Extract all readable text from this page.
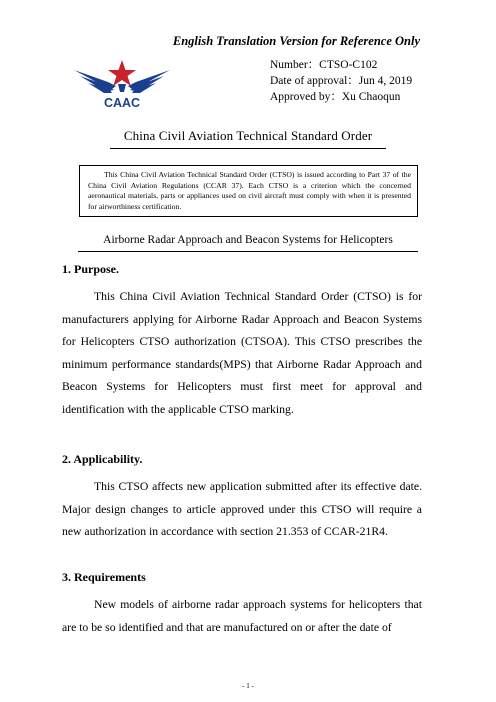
English Translation Version for Reference Only
CAAC
Number：CTSO-C102
Date of approval：Jun 4, 2019
Approved by：Xu Chaoqun
China Civil Aviation Technical Standard Order
This China Civil Aviation Technical Standard Order (CTSO) is issued according to Part 37 of the China Civil Aviation Regulations (CCAR 37). Each CTSO is a criterion which the concerned aeronautical materials, parts or appliances used on civil aircraft must comply with when it is presented for airworthiness certification.
Airborne Radar Approach and Beacon Systems for Helicopters
1. Purpose.
This China Civil Aviation Technical Standard Order (CTSO) is for manufacturers applying for Airborne Radar Approach and Beacon Systems for Helicopters CTSO authorization (CTSOA). This CTSO prescribes the minimum performance standards(MPS) that Airborne Radar Approach and Beacon Systems for Helicopters must first meet for approval and identification with the applicable CTSO marking.
2. Applicability.
This CTSO affects new application submitted after its effective date. Major design changes to article approved under this CTSO will require a new authorization in accordance with section 21.353 of CCAR-21R4.
3. Requirements
New models of airborne radar approach systems for helicopters that are to be so identified and that are manufactured on or after the date of
- 1 -
